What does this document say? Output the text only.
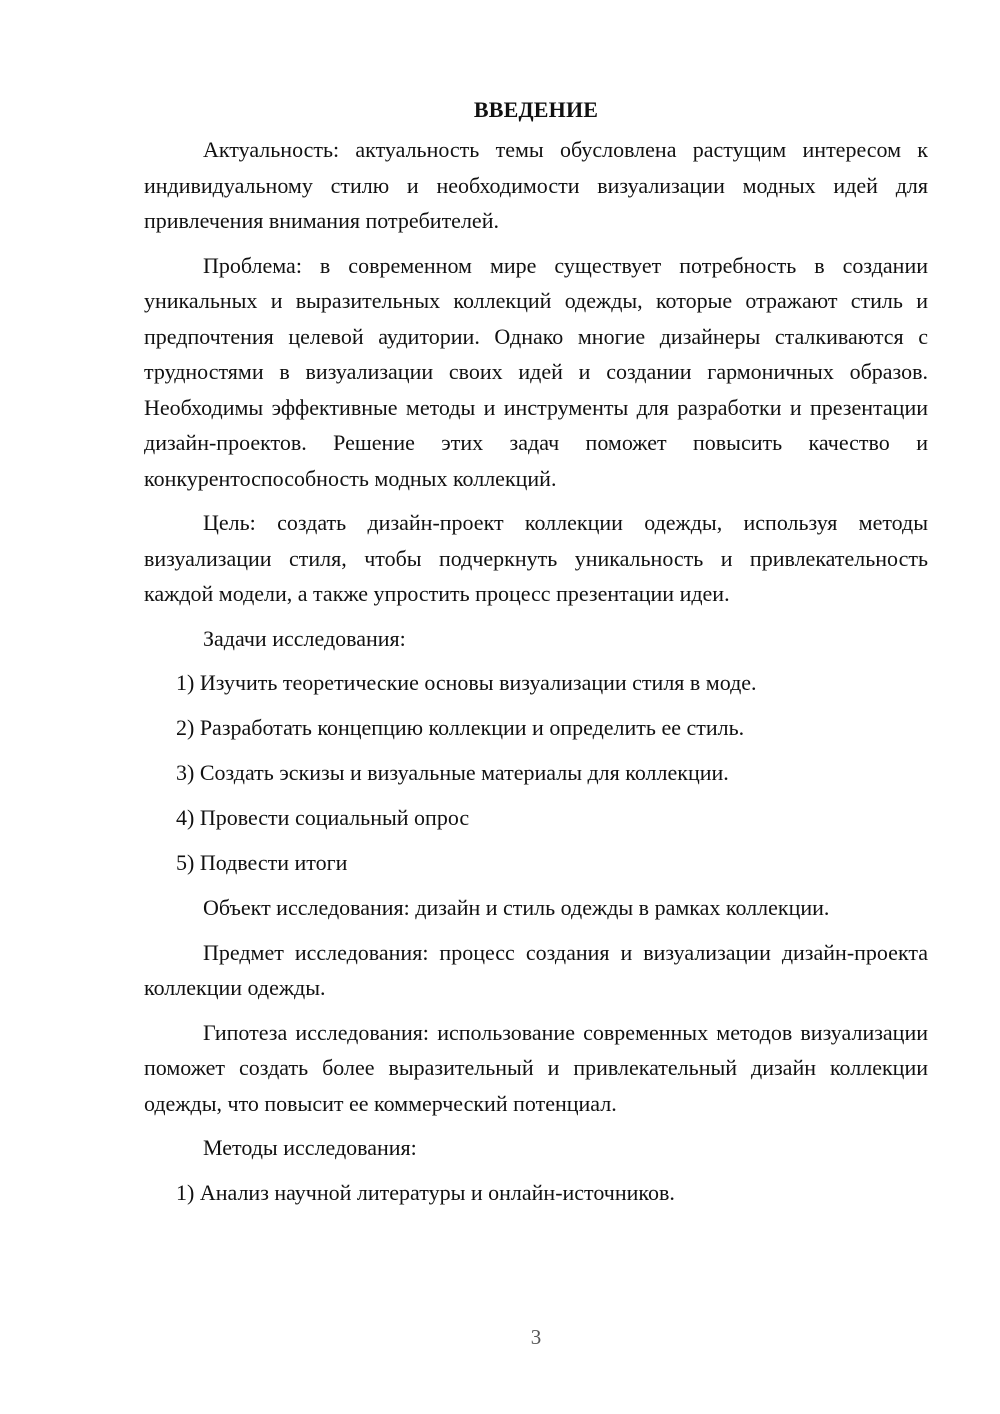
ВВЕДЕНИЕ

Актуальность: актуальность темы обусловлена растущим интересом к индивидуальному стилю и необходимости визуализации модных идей для привлечения внимания потребителей.

Проблема: в современном мире существует потребность в создании уникальных и выразительных коллекций одежды, которые отражают стиль и предпочтения целевой аудитории. Однако многие дизайнеры сталкиваются с трудностями в визуализации своих идей и создании гармоничных образов. Необходимы эффективные методы и инструменты для разработки и презентации дизайн-проектов. Решение этих задач поможет повысить качество и конкурентоспособность модных коллекций.

Цель: создать дизайн-проект коллекции одежды, используя методы визуализации стиля, чтобы подчеркнуть уникальность и привлекательность каждой модели, а также упростить процесс презентации идеи.

Задачи исследования:

1) Изучить теоретические основы визуализации стиля в моде.
2) Разработать концепцию коллекции и определить ее стиль.
3) Создать эскизы и визуальные материалы для коллекции.
4) Провести социальный опрос
5) Подвести итоги

Объект исследования: дизайн и стиль одежды в рамках коллекции.

Предмет исследования: процесс создания и визуализации дизайн-проекта коллекции одежды.

Гипотеза исследования: использование современных методов визуализации поможет создать более выразительный и привлекательный дизайн коллекции одежды, что повысит ее коммерческий потенциал.

Методы исследования:

1) Анализ научной литературы и онлайн-источников.
3
